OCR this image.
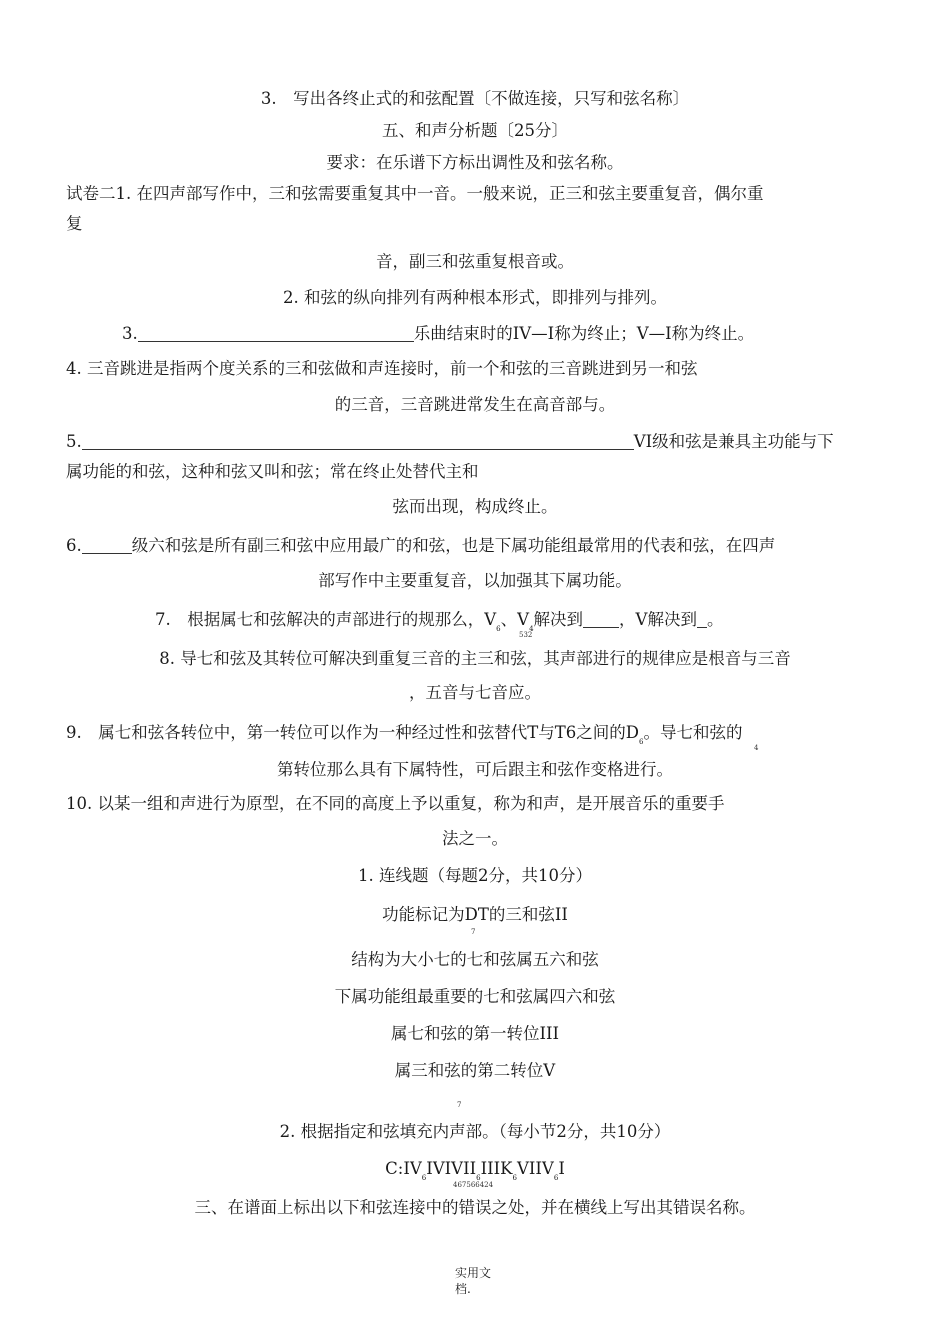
3.　写出各终止式的和弦配置〔不做连接，只写和弦名称〕
五、和声分析题〔25分〕
要求：在乐谱下方标出调性及和弦名称。
试卷二1. 在四声部写作中，三和弦需要重复其中一音。一般来说，正三和弦主要重复音，偶尔重
复
音，副三和弦重复根音或。
2. 和弦的纵向排列有两种根本形式，即排列与排列。
3.	乐曲结束时的IV—I称为终止；V—I称为终止。
4. 三音跳进是指两个度关系的三和弦做和声连接时，前一个和弦的三音跳进到另一和弦
的三音，三音跳进常发生在高音部与。
5.	VI级和弦是兼具主功能与下
属功能的和弦，这种和弦又叫和弦；常在终止处替代主和
弦而出现，构成终止。
6.	级六和弦是所有副三和弦中应用最广的和弦，也是下属功能组最常用的代表和弦，在四声
部写作中主要重复音，以加强其下属功能。
7.　根据属七和弦解决的声部进行的规那么，$V_6$、$V_4$解决到 ，V解决到 。
532
8. 导七和弦及其转位可解决到重复三音的主三和弦，其声部进行的规律应是根音与三音
，五音与七音应。
9.　属七和弦各转位中，第一转位可以作为一种经过性和弦替代T与T6之间的$D_6$。导七和弦的
4
第转位那么具有下属特性，可后跟主和弦作变格进行。
10. 以某一组和声进行为原型，在不同的高度上予以重复，称为和声，是开展音乐的重要手
法之一。
1. 连线题（每题2分，共10分）
功能标记为DT的三和弦II
7
结构为大小七的七和弦属五六和弦
下属功能组最重要的七和弦属四六和弦
属七和弦的第一转位III
属三和弦的第二转位V
7
2. 根据指定和弦填充内声部。（每小节2分，共10分）
$C:IV_6IVIVII_6IIIK_6VIIV_6I$
467566424
三、在谱面上标出以下和弦连接中的错误之处，并在横线上写出其错误名称。
实用文
档.
